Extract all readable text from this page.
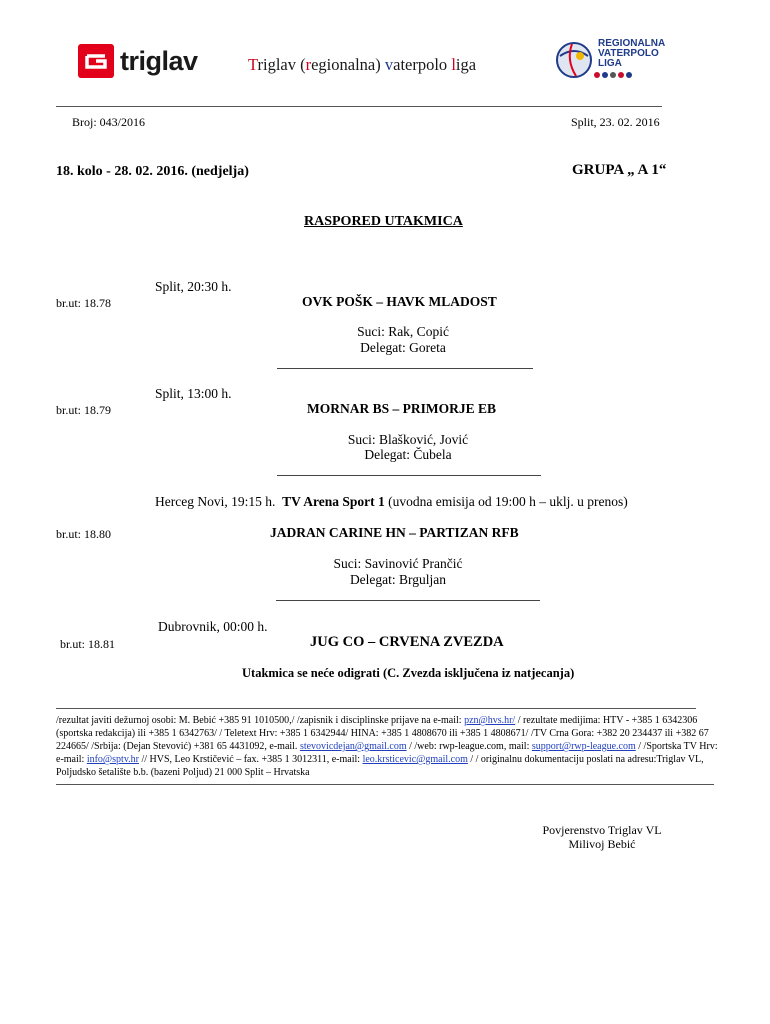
triglav	Triglav (regionalna) vaterpolo liga
REGIONALNA
VATERPOLO
LIGA
Broj: 043/2016	Split, 23. 02. 2016
18. kolo - 28. 02. 2016. (nedjelja)	GRUPA „ A 1“
RASPORED UTAKMICA
Split, 20:30 h.
br.ut: 18.78	OVK POŠK – HAVK MLADOST
Suci: Rak, Copić
Delegat: Goreta
Split, 13:00 h.
br.ut: 18.79	MORNAR BS – PRIMORJE EB
Suci: Blašković, Jović
Delegat: Čubela
Herceg Novi, 19:15 h. TV Arena Sport 1 (uvodna emisija od 19:00 h – uklj. u prenos)
br.ut: 18.80	JADRAN CARINE HN – PARTIZAN RFB
Suci: Savinović Prančić
Delegat: Brguljan
Dubrovnik, 00:00 h.
br.ut: 18.81	JUG CO – CRVENA ZVEZDA
Utakmica se neće odigrati (C. Zvezda isključena iz natjecanja)
/rezultat javiti dežurnoj osobi: M. Bebić +385 91 1010500,/ /zapisnik i disciplinske prijave na e-mail: pzn@hvs.hr/ / rezultate medijima: HTV - +385 1 6342306 (sportska redakcija) ili +385 1 6342763/ / Teletext Hrv: +385 1 6342944/ HINA: +385 1 4808670 ili +385 1 4808671/ /TV Crna Gora: +382 20 234437 ili +382 67 224665/ /Srbija: (Dejan Stevović) +381 65 4431092, e-mail. stevovicdejan@gmail.com / /web: rwp-league.com, mail: support@rwp-league.com / /Sportska TV Hrv: e-mail: info@sptv.hr // HVS, Leo Krstičević – fax. +385 1 3012311, e-mail: leo.krsticevic@gmail.com / / originalnu dokumentaciju poslati na adresu:Triglav VL, Poljudsko šetalište b.b. (bazeni Poljud) 21 000 Split – Hrvatska
Povjerenstvo Triglav VL
Milivoj Bebić
